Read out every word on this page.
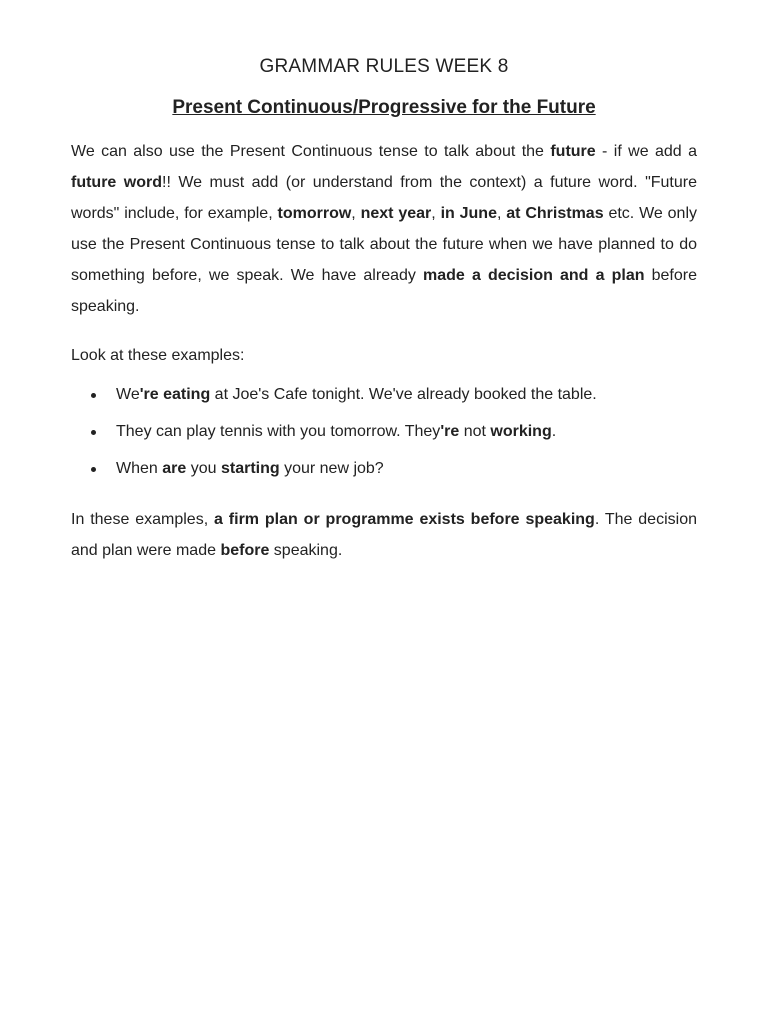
GRAMMAR RULES WEEK 8
Present Continuous/Progressive for the Future

We can also use the Present Continuous tense to talk about the future - if we add a future word!! We must add (or understand from the context) a future word. "Future words" include, for example, tomorrow, next year, in June, at Christmas etc. We only use the Present Continuous tense to talk about the future when we have planned to do something before, we speak. We have already made a decision and a plan before speaking.

Look at these examples:

We're eating at Joe's Cafe tonight. We've already booked the table.
They can play tennis with you tomorrow. They're not working.
When are you starting your new job?

In these examples, a firm plan or programme exists before speaking. The decision and plan were made before speaking.
